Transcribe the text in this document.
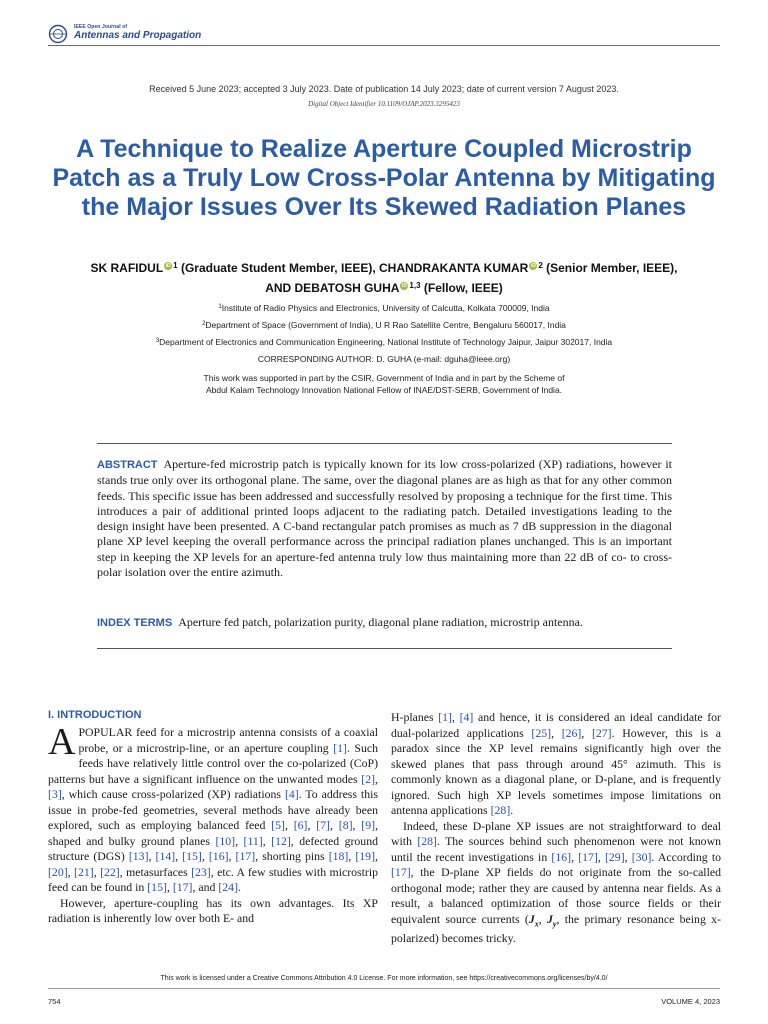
IEEE Open Journal of
Antennas and Propagation
Received 5 June 2023; accepted 3 July 2023. Date of publication 14 July 2023; date of current version 7 August 2023.
Digital Object Identifier 10.1109/OJAP.2023.3295423
A Technique to Realize Aperture Coupled Microstrip Patch as a Truly Low Cross-Polar Antenna by Mitigating the Major Issues Over Its Skewed Radiation Planes
SK RAFIDUL iD $^1$ (Graduate Student Member, IEEE), CHANDRAKANTA KUMAR iD $^2$ (Senior Member, IEEE),
AND DEBATOSH GUHA iD $^{1,3}$ (Fellow, IEEE)
$^1$Institute of Radio Physics and Electronics, University of Calcutta, Kolkata 700009, India
$^2$Department of Space (Government of India), U R Rao Satellite Centre, Bengaluru 560017, India
$^3$Department of Electronics and Communication Engineering, National Institute of Technology Jaipur, Jaipur 302017, India
CORRESPONDING AUTHOR: D. GUHA (e-mail: dguha@ieee.org)
This work was supported in part by the CSIR, Government of India and in part by the Scheme of
Abdul Kalam Technology Innovation National Fellow of INAE/DST-SERB, Government of India.

ABSTRACT Aperture-fed microstrip patch is typically known for its low cross-polarized (XP) radiations, however it stands true only over its orthogonal plane. The same, over the diagonal planes are as high as that for any other common feeds. This specific issue has been addressed and successfully resolved by proposing a technique for the first time. This introduces a pair of additional printed loops adjacent to the radiating patch. Detailed investigations leading to the design insight have been presented. A C-band rectangular patch promises as much as 7 dB suppression in the diagonal plane XP level keeping the overall performance across the principal radiation planes unchanged. This is an important step in keeping the XP levels for an aperture-fed antenna truly low thus maintaining more than 22 dB of co- to cross-polar isolation over the entire azimuth.

INDEX TERMS Aperture fed patch, polarization purity, diagonal plane radiation, microstrip antenna.

I. INTRODUCTION

APOPULAR feed for a microstrip antenna consists of a coaxial probe, or a microstrip-line, or an aperture coupling [1]. Such feeds have relatively little control over the co-polarized (CoP) patterns but have a significant influence on the unwanted modes [2], [3], which cause cross-polarized (XP) radiations [4]. To address this issue in probe-fed geometries, several methods have already been explored, such as employing balanced feed [5], [6], [7], [8], [9], shaped and bulky ground planes [10], [11], [12], defected ground structure (DGS) [13], [14], [15], [16], [17], shorting pins [18], [19], [20], [21], [22], metasurfaces [23], etc. A few studies with microstrip feed can be found in [15], [17], and [24].

However, aperture-coupling has its own advantages. Its XP radiation is inherently low over both E- and

H-planes [1], [4] and hence, it is considered an ideal candidate for dual-polarized applications [25], [26], [27]. However, this is a paradox since the XP level remains significantly high over the skewed planes that pass through around 45° azimuth. This is commonly known as a diagonal plane, or D-plane, and is frequently ignored. Such high XP levels sometimes impose limitations on antenna applications [28].

Indeed, these D-plane XP issues are not straightforward to deal with [28]. The sources behind such phenomenon were not known until the recent investigations in [16], [17], [29], [30]. According to [17], the D-plane XP fields do not originate from the so-called orthogonal mode; rather they are caused by antenna near fields. As a result, a balanced optimization of those source fields or their equivalent source currents ($J_x$, $J_y$, the primary resonance being x-polarized) becomes tricky.

This work is licensed under a Creative Commons Attribution 4.0 License. For more information, see https://creativecommons.org/licenses/by/4.0/
754	VOLUME 4, 2023
